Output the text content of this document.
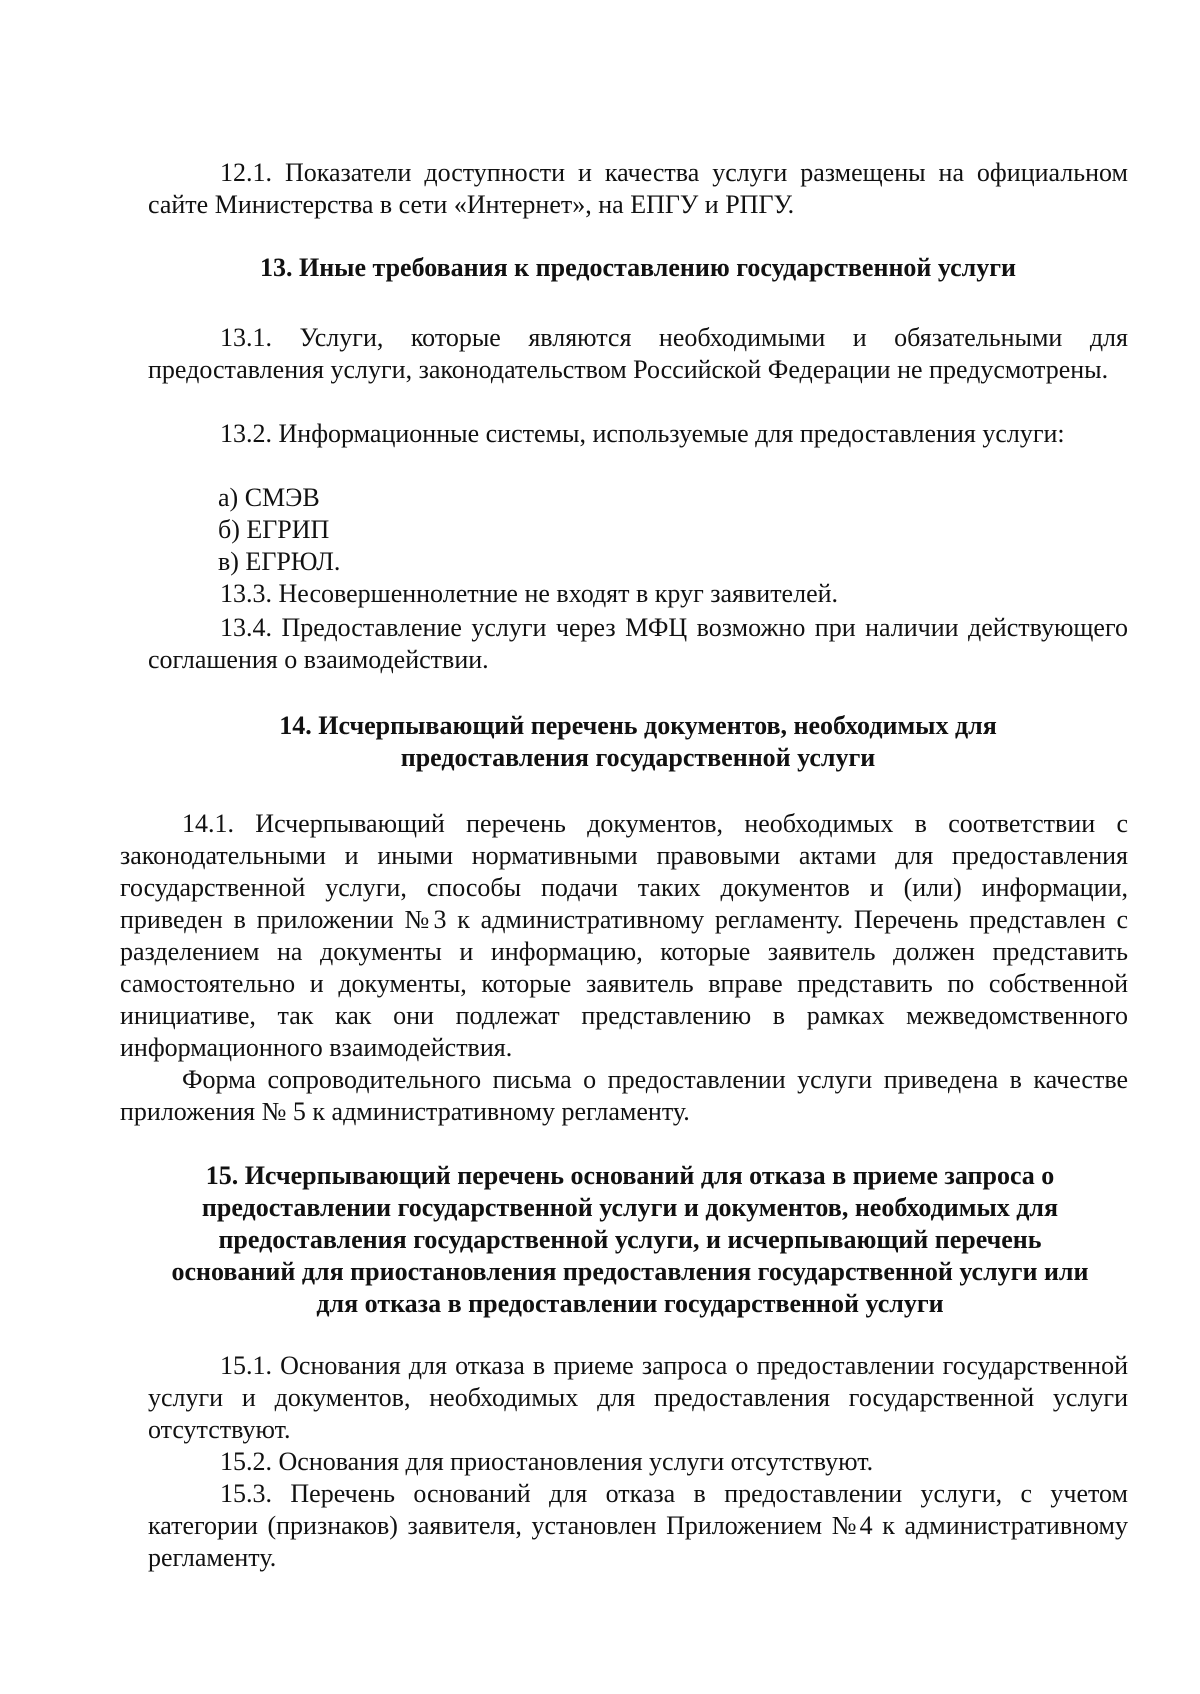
12.1. Показатели доступности и качества услуги размещены на официальном сайте Министерства в сети «Интернет», на ЕПГУ и РПГУ.

13. Иные требования к предоставлению государственной услуги

13.1. Услуги, которые являются необходимыми и обязательными для предоставления услуги, законодательством Российской Федерации не предусмотрены.

13.2. Информационные системы, используемые для предоставления услуги:

а) СМЭВ

б) ЕГРИП

в) ЕГРЮЛ.

13.3. Несовершеннолетние не входят в круг заявителей.

13.4. Предоставление услуги через МФЦ возможно при наличии действующего соглашения о взаимодействии.

14. Исчерпывающий перечень документов, необходимых для
предоставления государственной услуги

14.1. Исчерпывающий перечень документов, необходимых в соответствии с законодательными и иными нормативными правовыми актами для предоставления государственной услуги, способы подачи таких документов и (или) информации, приведен в приложении №3 к административному регламенту. Перечень представлен с разделением на документы и информацию, которые заявитель должен представить самостоятельно и документы, которые заявитель вправе представить по собственной инициативе, так как они подлежат представлению в рамках межведомственного информационного взаимодействия.

Форма сопроводительного письма о предоставлении услуги приведена в качестве приложения № 5 к административному регламенту.

15. Исчерпывающий перечень оснований для отказа в приеме запроса о
предоставлении государственной услуги и документов, необходимых для
предоставления государственной услуги, и исчерпывающий перечень
оснований для приостановления предоставления государственной услуги или
для отказа в предоставлении государственной услуги

15.1. Основания для отказа в приеме запроса о предоставлении государственной услуги и документов, необходимых для предоставления государственной услуги отсутствуют.

15.2. Основания для приостановления услуги отсутствуют.

15.3. Перечень оснований для отказа в предоставлении услуги, с учетом категории (признаков) заявителя, установлен Приложением №4 к административному регламенту.
